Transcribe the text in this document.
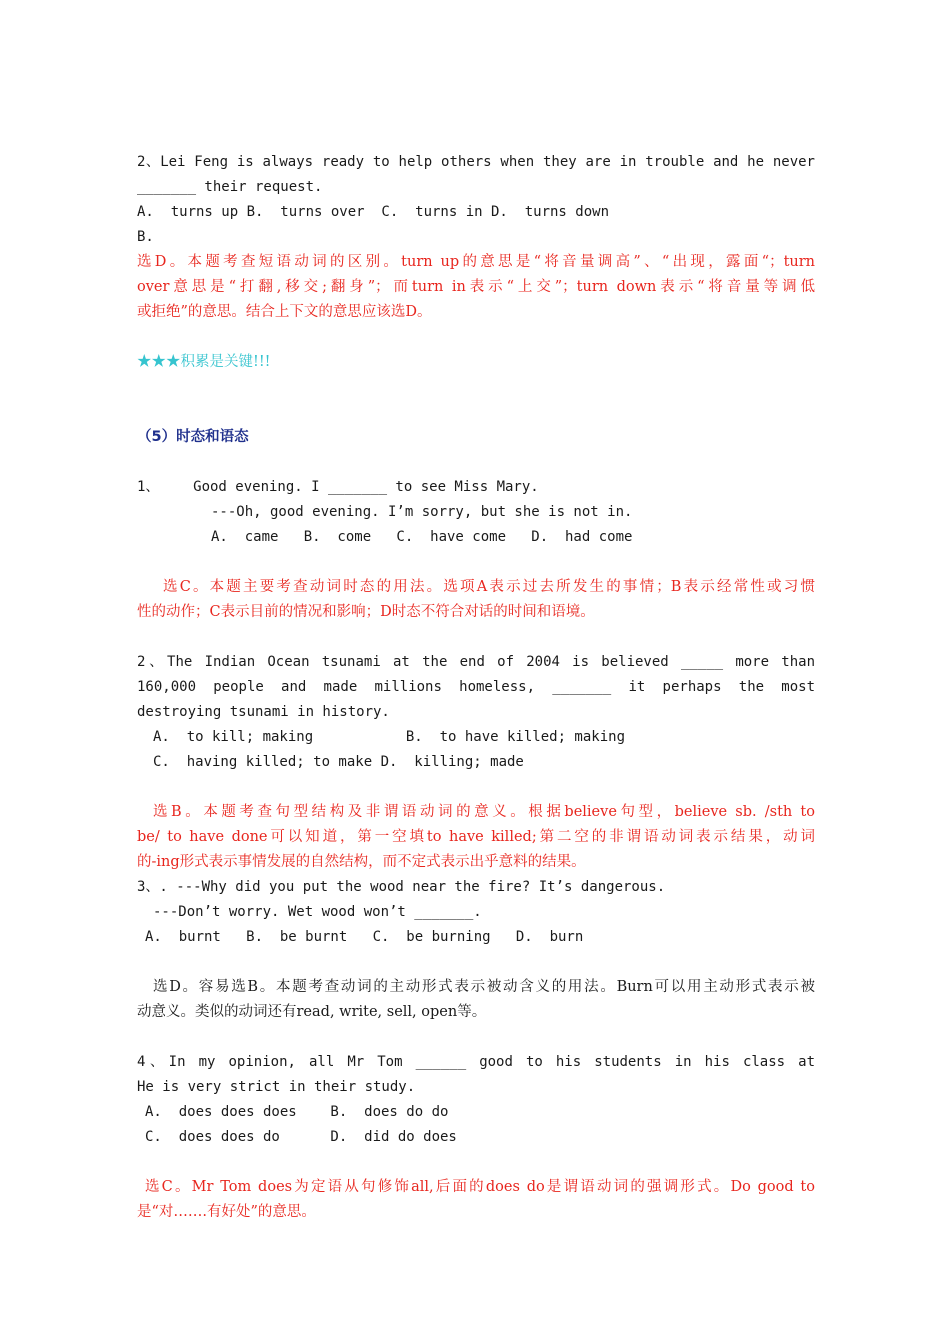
2、Lei Feng is always ready to help others when they are in trouble and he never
_______ their request.
A.  turns up B.  turns over  C.  turns in D.  turns down
B.
选D。本题考查短语动词的区别。turn up的意思是“将音量调高”、“出现，露面“；turn
over意思是“打翻,移交;翻身”；而turn in表示“上交”；turn down表示“将音量等调低
或拒绝”的意思。结合上下文的意思应该选D。
★★★积累是关键!!!
（5）时态和语态
1、    Good evening. I _______ to see Miss Mary.
---Oh, good evening. I’m sorry, but she is not in.
A.  came   B.  come   C.  have come   D.  had come
选C。本题主要考查动词时态的用法。选项A表示过去所发生的事情；B表示经常性或习惯
性的动作；C表示目前的情况和影响；D时态不符合对话的时间和语境。
2、The Indian Ocean tsunami at the end of 2004 is believed _____ more than
160,000 people and made millions homeless, _______ it perhaps the most
destroying tsunami in history.
A.  to kill; making           B.  to have killed; making
C.  having killed; to make D.  killing; made
选B。本题考查句型结构及非谓语动词的意义。根据believe句型，believe sb. /sth to
be/ to have done可以知道，第一空填to have killed;第二空的非谓语动词表示结果，动词
的-ing形式表示事情发展的自然结构，而不定式表示出乎意料的结果。
3、. ---Why did you put the wood near the fire? It’s dangerous.
---Don’t worry. Wet wood won’t _______.
A.  burnt   B.  be burnt   C.  be burning   D.  burn
选D。容易选B。本题考查动词的主动形式表示被动含义的用法。Burn可以用主动形式表示被
动意义。类似的动词还有read, write, sell, open等。
4、In my opinion, all Mr Tom ______ good to his students in his class at
He is very strict in their study.
A.  does does does    B.  does do do
C.  does does do      D.  did do does
选C。Mr Tom does为定语从句修饰all,后面的does do是谓语动词的强调形式。Do good to
是“对…….有好处”的意思。
